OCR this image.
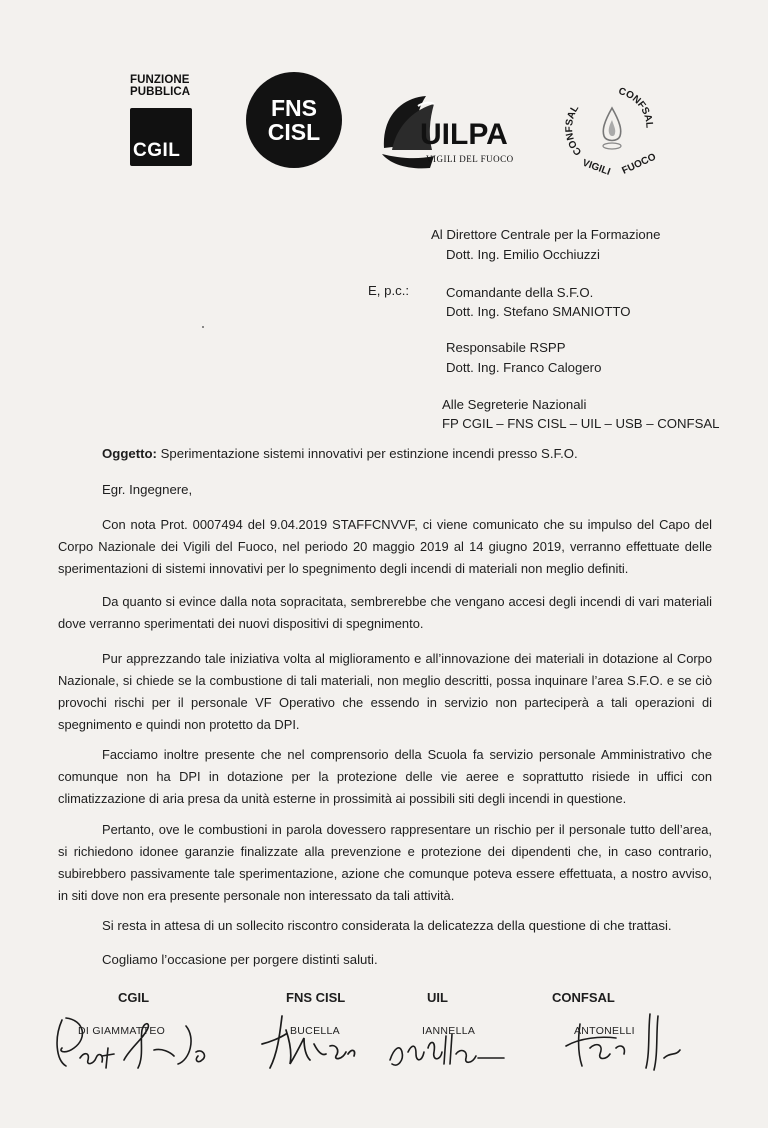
FUNZIONE
PUBBLICA
CGIL
FNS
CISL	UILPA
VIGILI DEL FUOCO
CONFSAL
CONFSAL
VIGILI FUOCO
Al Direttore Centrale per la Formazione
Dott. Ing. Emilio Occhiuzzi
E, p.c.:	Comandante della S.F.O.
Dott. Ing. Stefano SMANIOTTO
Responsabile RSPP
Dott. Ing. Franco Calogero
Alle Segreterie Nazionali
FP CGIL – FNS CISL – UIL – USB – CONFSAL
Oggetto: Sperimentazione sistemi innovativi per estinzione incendi presso S.F.O.
Egr. Ingegnere,

Con nota Prot. 0007494 del 9.04.2019 STAFFCNVVF, ci viene comunicato che su impulso del Capo del Corpo Nazionale dei Vigili del Fuoco, nel periodo 20 maggio 2019 al 14 giugno 2019, verranno effettuate delle sperimentazioni di sistemi innovativi per lo spegnimento degli incendi di materiali non meglio definiti.

Da quanto si evince dalla nota sopracitata, sembrerebbe che vengano accesi degli incendi di vari materiali dove verranno sperimentati dei nuovi dispositivi di spegnimento.

Pur apprezzando tale iniziativa volta al miglioramento e all’innovazione dei materiali in dotazione al Corpo Nazionale, si chiede se la combustione di tali materiali, non meglio descritti, possa inquinare l’area S.F.O. e se ciò provochi rischi per il personale VF Operativo che essendo in servizio non parteciperà a tali operazioni di spegnimento e quindi non protetto da DPI.

Facciamo inoltre presente che nel comprensorio della Scuola fa servizio personale Amministrativo che comunque non ha DPI in dotazione per la protezione delle vie aeree e soprattutto risiede in uffici con climatizzazione di aria presa da unità esterne in prossimità ai possibili siti degli incendi in questione.

Pertanto, ove le combustioni in parola dovessero rappresentare un rischio per il personale tutto dell’area, si richiedono idonee garanzie finalizzate alla prevenzione e protezione dei dipendenti che, in caso contrario, subirebbero passivamente tale sperimentazione, azione che comunque poteva essere effettuata, a nostro avviso, in siti dove non era presente personale non interessato da tali attività.

Si resta in attesa di un sollecito riscontro considerata la delicatezza della questione di che trattasi.
Cogliamo l’occasione per porgere distinti saluti.
CGIL	FNS CISL	UIL	CONFSAL
DI GIAMMATTEO	BUCELLA	IANNELLA	ANTONELLI
